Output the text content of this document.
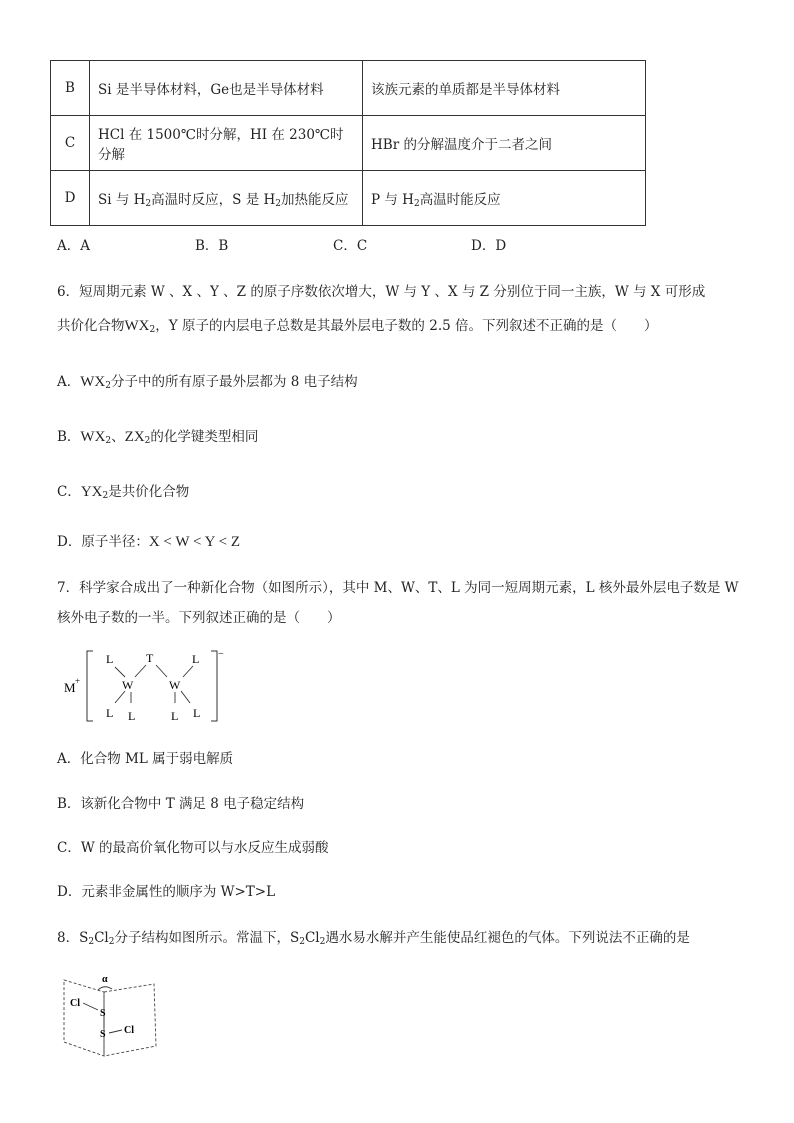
B	Si 是半导体材料，Ge也是半导体材料	该族元素的单质都是半导体材料
C	HCl 在 1500℃时分解，HI 在 230℃时分解	HBr 的分解温度介于二者之间
D	Si 与 $H_2$高温时反应，S 是 $H_2$加热能反应	P 与 $H_2$高温时能反应
A．A	B．B	C．C	D．D
6．短周期元素 W 、X 、Y 、Z 的原子序数依次增大，W 与 Y 、X 与 Z 分别位于同一主族，W 与 X 可形成
共价化合物$WX_2$，Y 原子的内层电子总数是其最外层电子数的 2.5 倍。下列叙述不正确的是（　　）
A．$WX_2$分子中的所有原子最外层都为 8 电子结构
B．$WX_2$、$ZX_2$的化学键类型相同
C．$YX_2$是共价化合物
D．原子半径：X < W < Y < Z
7．科学家合成出了一种新化合物（如图所示），其中 M、W、T、L 为同一短周期元素，L 核外最外层电子数是 W
核外电子数的一半。下列叙述正确的是（　　）
M +
−
L	T	L
W	W
L L	L L
A．化合物 ML 属于弱电解质
B．该新化合物中 T 满足 8 电子稳定结构
C．W 的最高价氧化物可以与水反应生成弱酸
D．元素非金属性的顺序为 W>T>L
8．$S_2Cl_2$分子结构如图所示。常温下，$S_2Cl_2$遇水易水解并产生能使品红褪色的气体。下列说法不正确的是
α
Cl
S
S Cl
